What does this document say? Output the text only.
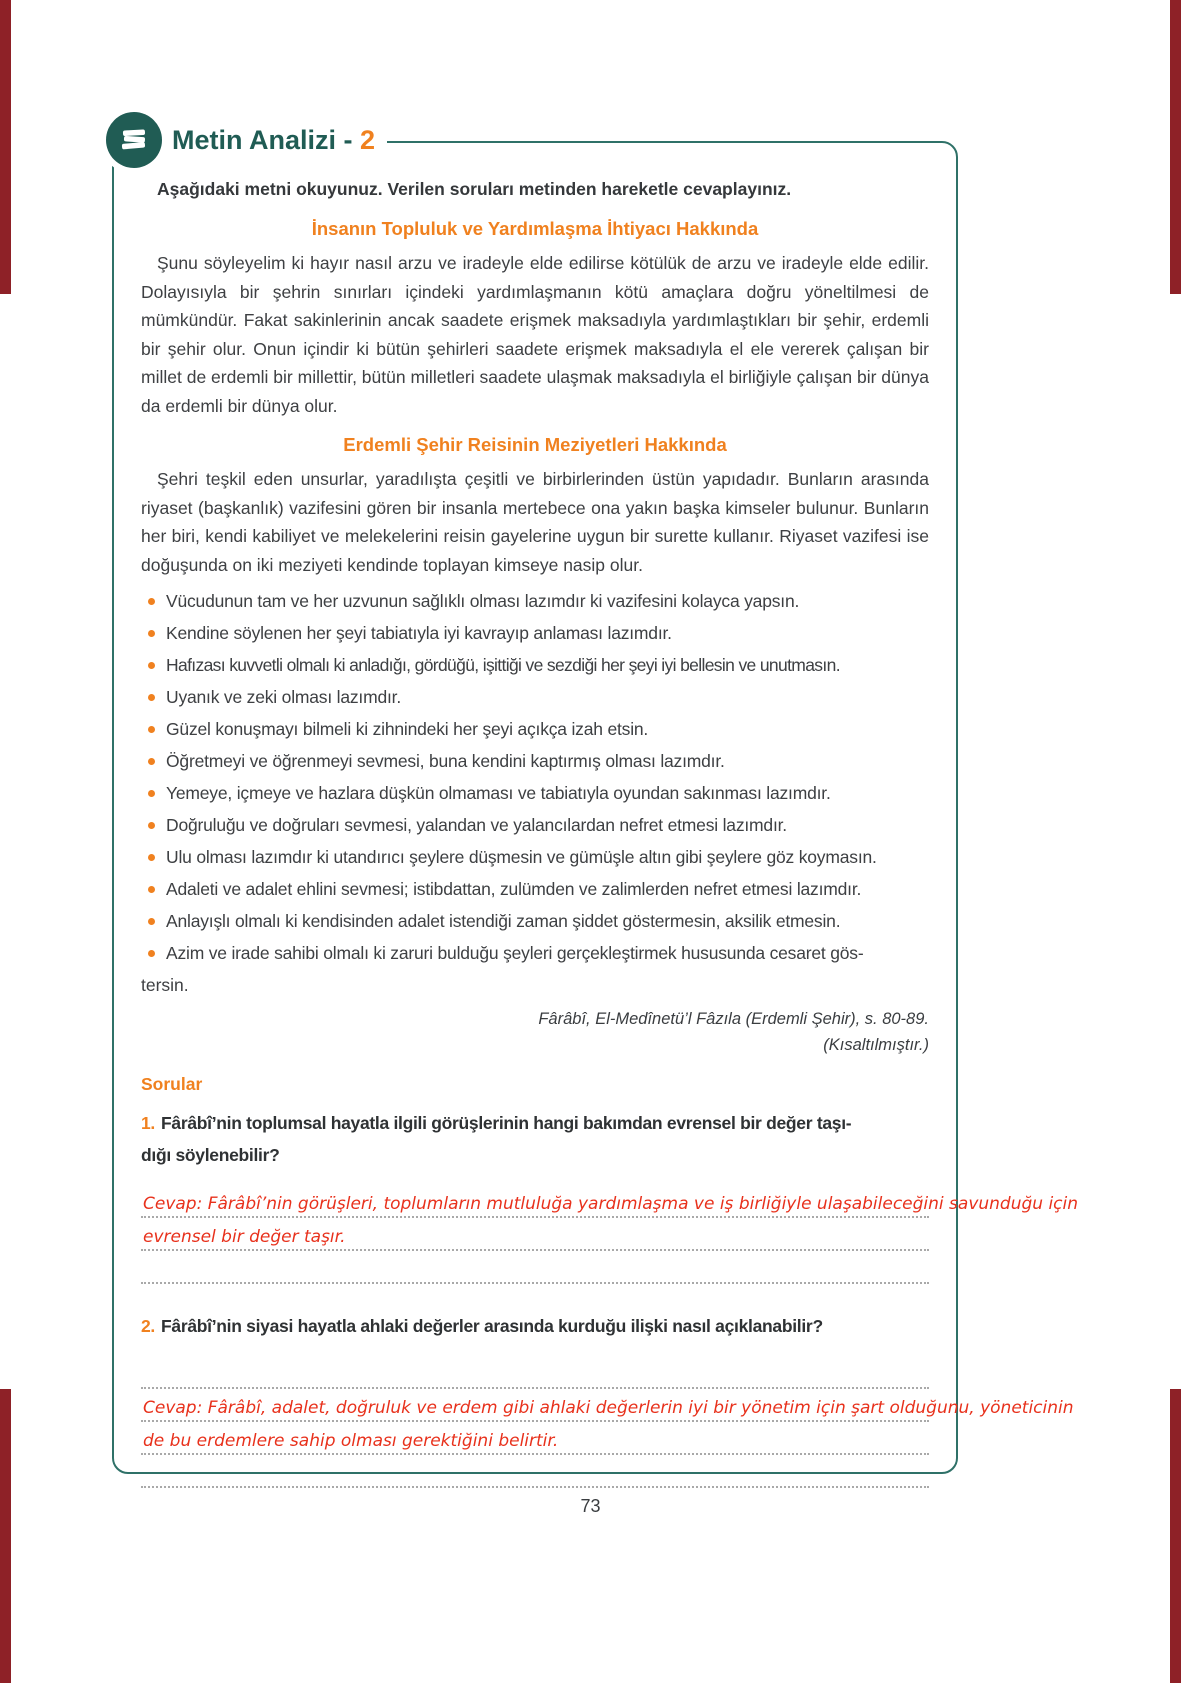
Aşağıdaki metni okuyunuz. Verilen soruları metinden hareketle cevaplayınız.

İnsanın Topluluk ve Yardımlaşma İhtiyacı Hakkında

Şunu söyleyelim ki hayır nasıl arzu ve iradeyle elde edilirse kötülük de arzu ve iradeyle elde edilir. Dolayısıyla bir şehrin sınırları içindeki yardımlaşmanın kötü amaçlara doğru yöneltilmesi de mümkündür. Fakat sakinlerinin ancak saadete erişmek maksadıyla yardımlaştıkları bir şehir, erdemli bir şehir olur. Onun içindir ki bütün şehirleri saadete erişmek maksadıyla el ele vererek çalışan bir millet de erdemli bir millettir, bütün milletleri saadete ulaşmak maksadıyla el birliğiyle çalışan bir dünya da erdemli bir dünya olur.

Erdemli Şehir Reisinin Meziyetleri Hakkında

Şehri teşkil eden unsurlar, yaradılışta çeşitli ve birbirlerinden üstün yapıdadır. Bunların arasında riyaset (başkanlık) vazifesini gören bir insanla mertebece ona yakın başka kimseler bulunur. Bunların her biri, kendi kabiliyet ve melekelerini reisin gayelerine uygun bir surette kullanır. Riyaset vazifesi ise doğuşunda on iki meziyeti kendinde toplayan kimseye nasip olur.

Vücudunun tam ve her uzvunun sağlıklı olması lazımdır ki vazifesini kolayca yapsın.
Kendine söylenen her şeyi tabiatıyla iyi kavrayıp anlaması lazımdır.
Hafızası kuvvetli olmalı ki anladığı, gördüğü, işittiği ve sezdiği her şeyi iyi bellesin ve unutmasın.
Uyanık ve zeki olması lazımdır.
Güzel konuşmayı bilmeli ki zihnindeki her şeyi açıkça izah etsin.
Öğretmeyi ve öğrenmeyi sevmesi, buna kendini kaptırmış olması lazımdır.
Yemeye, içmeye ve hazlara düşkün olmaması ve tabiatıyla oyundan sakınması lazımdır.
Doğruluğu ve doğruları sevmesi, yalandan ve yalancılardan nefret etmesi lazımdır.
Ulu olması lazımdır ki utandırıcı şeylere düşmesin ve gümüşle altın gibi şeylere göz koymasın.
Adaleti ve adalet ehlini sevmesi; istibdattan, zulümden ve zalimlerden nefret etmesi lazımdır.
Anlayışlı olmalı ki kendisinden adalet istendiği zaman şiddet göstermesin, aksilik etmesin.
Azim ve irade sahibi olmalı ki zaruri bulduğu şeyleri gerçekleştirmek hususunda cesaret gös-

tersin.

Fârâbî, El-Medînetü’l Fâzıla (Erdemli Şehir), s. 80-89.
(Kısaltılmıştır.)
Sorular

1. Fârâbî’nin toplumsal hayatla ilgili görüşlerinin hangi bakımdan evrensel bir değer taşı-
dığı söylenebilir?

Cevap: Fârâbî’nin görüşleri, toplumların mutluluğa yardımlaşma ve iş birliğiyle ulaşabileceğini savunduğu için
evrensel bir değer taşır.

2. Fârâbî’nin siyasi hayatla ahlaki değerler arasında kurduğu ilişki nasıl açıklanabilir?

Cevap: Fârâbî, adalet, doğruluk ve erdem gibi ahlaki değerlerin iyi bir yönetim için şart olduğunu, yöneticinin
de bu erdemlere sahip olması gerektiğini belirtir.
Metin Analizi - 2
73
